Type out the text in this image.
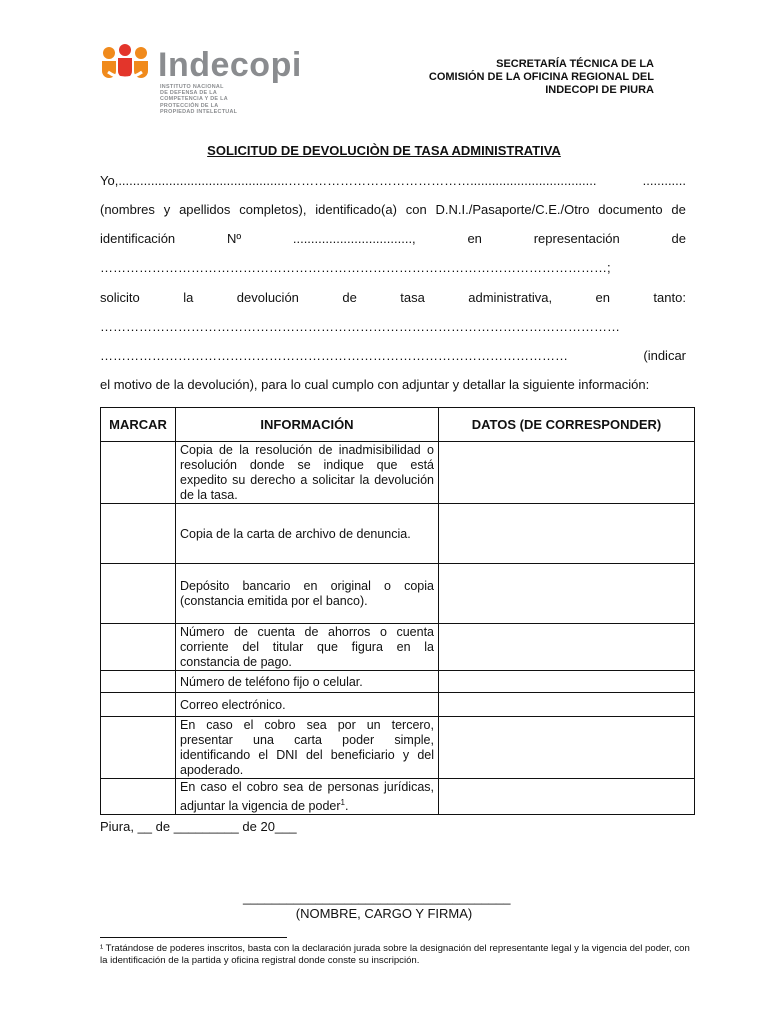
Indecopi
INSTITUTO NACIONAL
DE DEFENSA DE LA
COMPETENCIA Y DE LA
PROTECCIÓN DE LA
PROPIEDAD INTELECTUAL
SECRETARÍA TÉCNICA DE LA
COMISIÓN DE LA OFICINA REGIONAL DEL
INDECOPI DE PIURA
SOLICITUD DE DEVOLUCIÒN DE TASA ADMINISTRATIVA
Yo,...............................................……………………………………...................................	............
(nombres y apellidos completos), identificado(a) con D.N.I./Pasaporte/C.E./Otro documento de
identificación	Nº	.................................,	en	representación	de
………………………………………………………………………………………………………;
solicito	la	devolución	de	tasa	administrativa,	en	tanto:
…………………………………………………………………………………………………………
………………………………………………………………………………………………	(indicar
el motivo de la devolución), para lo cual cumplo con adjuntar y detallar la siguiente información:
MARCAR	INFORMACIÓN	DATOS (DE CORRESPONDER)
	Copia de la resolución de inadmisibilidad o resolución donde se indique que está expedito su derecho a solicitar la devolución de la tasa.	
	Copia de la carta de archivo de denuncia.	
	Depósito bancario en original o copia (constancia emitida por el banco).	
	Número de cuenta de ahorros o cuenta corriente del titular que figura en la constancia de pago.	
	Número de teléfono fijo o celular.	
	Correo electrónico.	
	En caso el cobro sea por un tercero, presentar una carta poder simple, identificando el DNI del beneficiario y del apoderado.	
	En caso el cobro sea de personas jurídicas, adjuntar la vigencia de poder$^1$.	
Piura, __ de _________ de 20___
_____________________________________
(NOMBRE, CARGO Y FIRMA)
¹ Tratándose de poderes inscritos, basta con la declaración jurada sobre la designación del representante legal y la vigencia del poder, con la identificación de la partida y oficina registral donde conste su inscripción.
